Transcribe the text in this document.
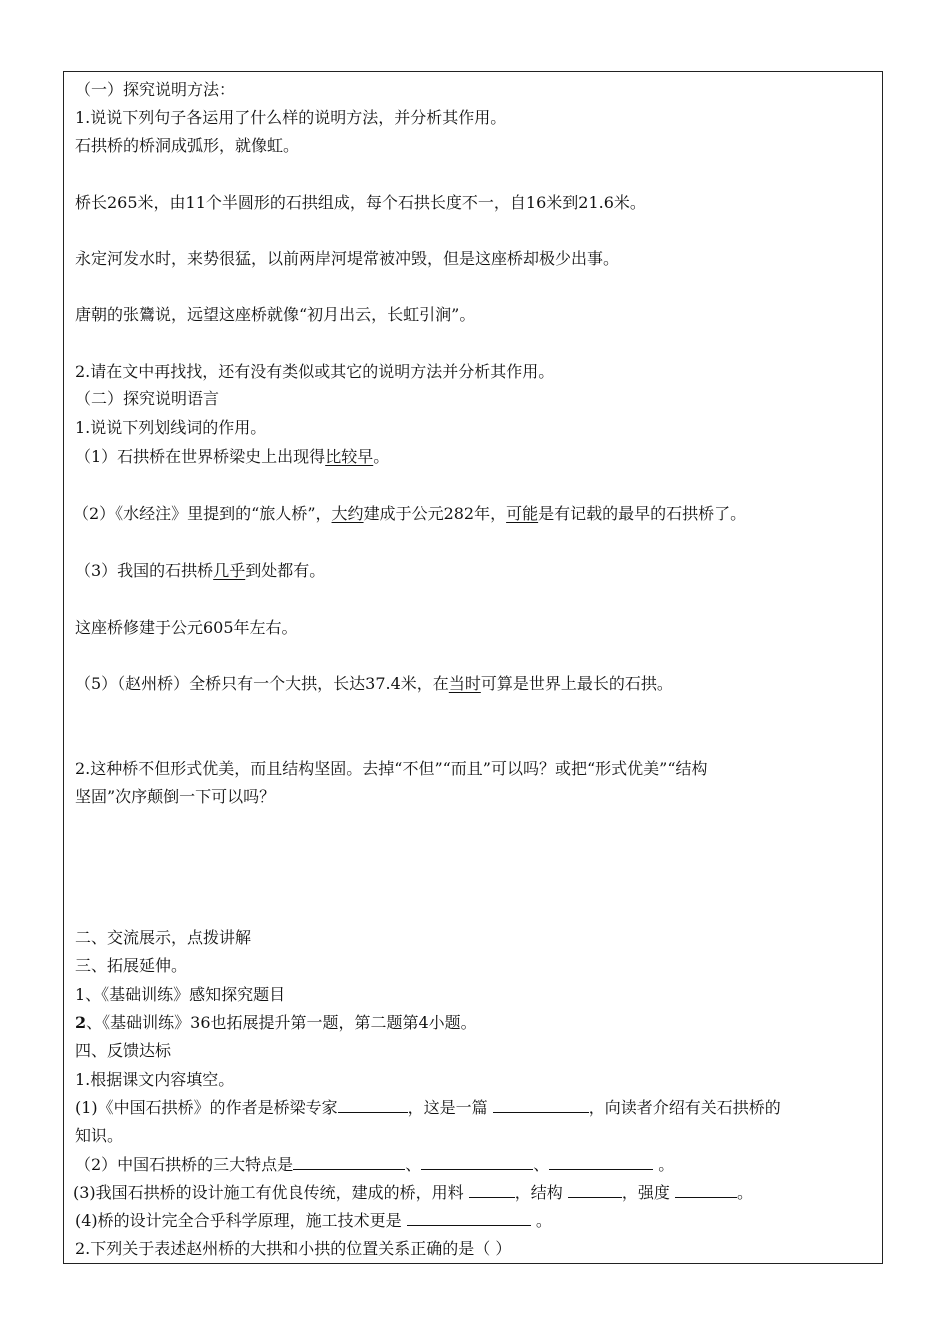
（一）探究说明方法：
1.说说下列句子各运用了什么样的说明方法，并分析其作用。
石拱桥的桥洞成弧形，就像虹。
桥长265米，由11个半圆形的石拱组成，每个石拱长度不一，自16米到21.6米。
永定河发水时，来势很猛，以前两岸河堤常被冲毁，但是这座桥却极少出事。
唐朝的张鷟说，远望这座桥就像“初月出云，长虹引涧”。
2.请在文中再找找，还有没有类似或其它的说明方法并分析其作用。
（二）探究说明语言
1.说说下列划线词的作用。
（1）石拱桥在世界桥梁史上出现得比较早。
（2）《水经注》里提到的“旅人桥”，大约建成于公元282年，可能是有记载的最早的石拱桥了。
（3）我国的石拱桥几乎到处都有。
这座桥修建于公元605年左右。
（5）（赵州桥）全桥只有一个大拱，长达37.4米，在当时可算是世界上最长的石拱。
2.这种桥不但形式优美，而且结构坚固。去掉“不但”“而且”可以吗？或把“形式优美”“结构
坚固”次序颠倒一下可以吗？
二、交流展示，点拨讲解
三、拓展延伸。
1、《基础训练》感知探究题目
2、《基础训练》36也拓展提升第一题，第二题第4小题。
四、反馈达标
1.根据课文内容填空。
(1)《中国石拱桥》的作者是桥梁专家	，这是一篇	，向读者介绍有关石拱桥的
知识。
（2）中国石拱桥的三大特点是	、	、	。
(3)我国石拱桥的设计施工有优良传统，建成的桥，用料	，结构	，强度	。
(4)桥的设计完全合乎科学原理，施工技术更是	。
2.下列关于表述赵州桥的大拱和小拱的位置关系正确的是（ ）
